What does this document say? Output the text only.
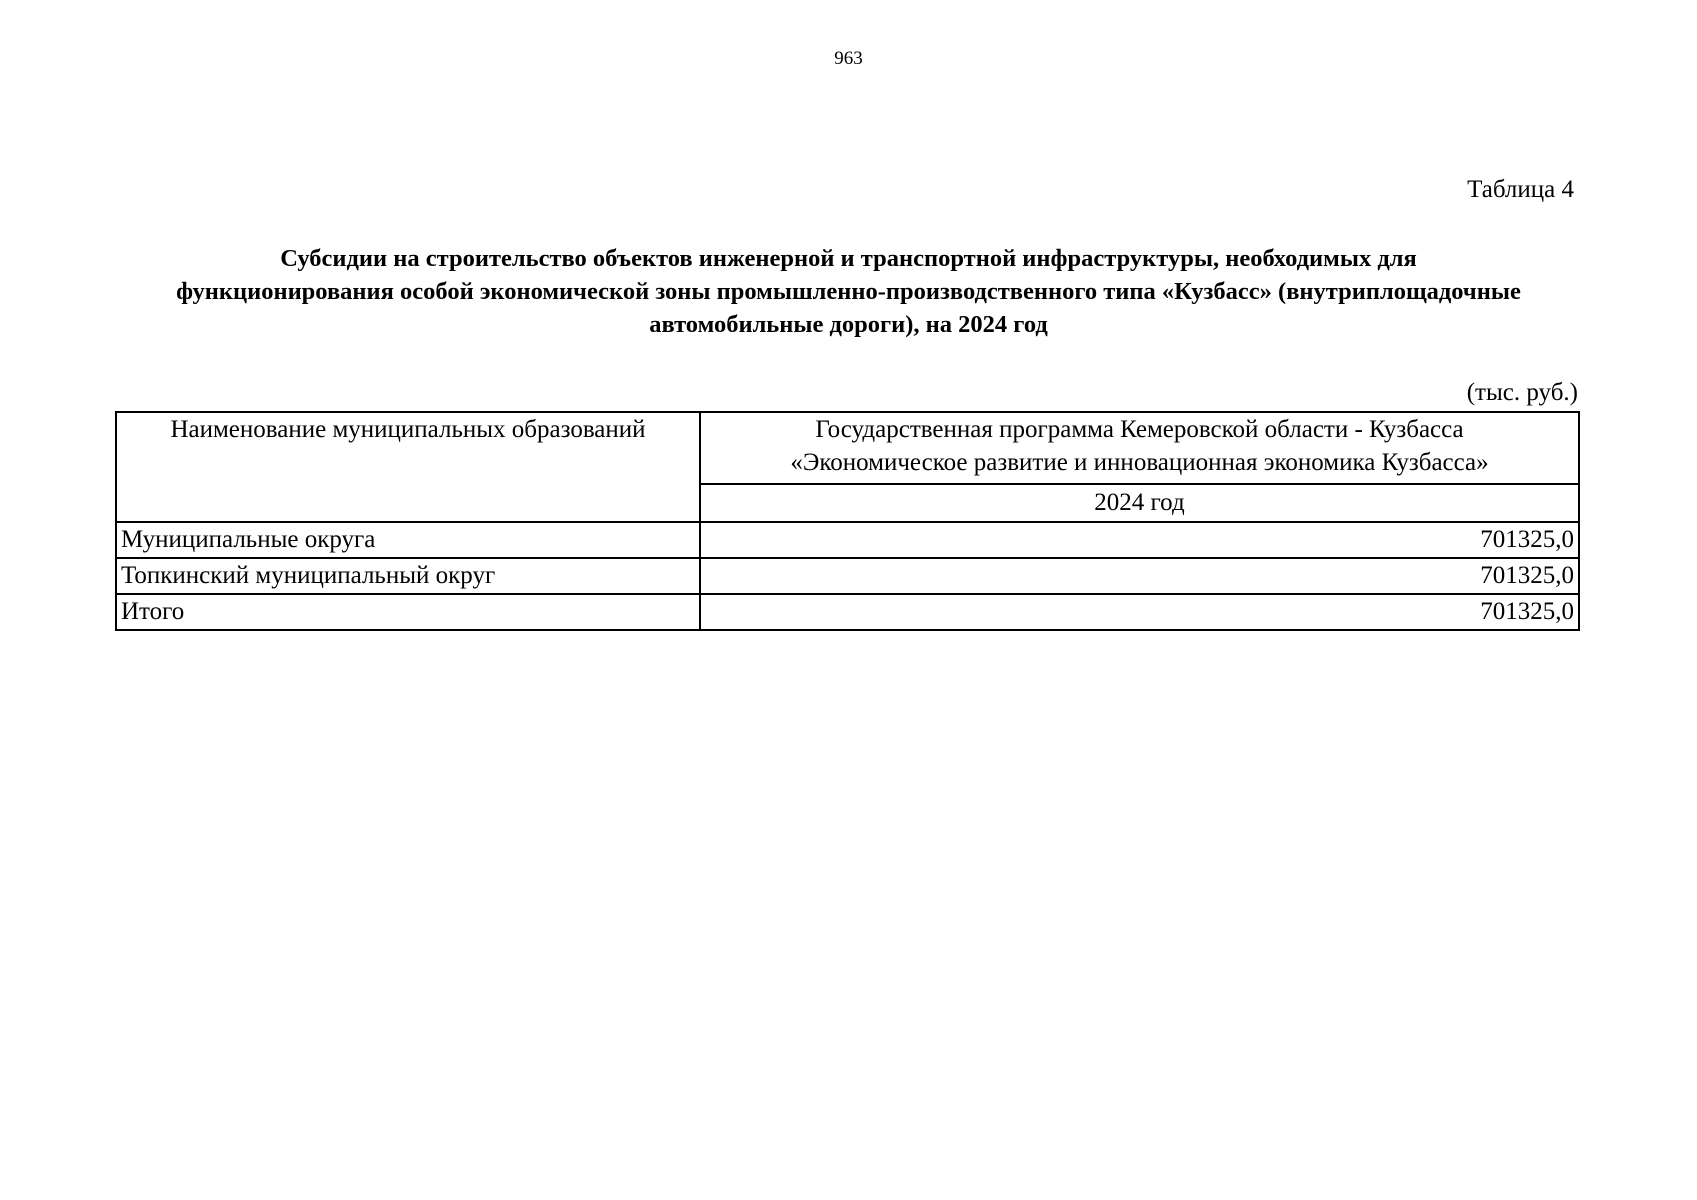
963
Таблица 4
Субсидии на строительство объектов инженерной и транспортной инфраструктуры, необходимых для
функционирования особой экономической зоны промышленно-производственного типа «Кузбасс» (внутриплощадочные
автомобильные дороги), на 2024 год
(тыс. руб.)
Наименование муниципальных образований	Государственная программа Кемеровской области - Кузбасса
«Экономическое развитие и инновационная экономика Кузбасса»

	2024 год
Муниципальные округа	701325,0
Топкинский муниципальный округ	701325,0
Итого	701325,0
